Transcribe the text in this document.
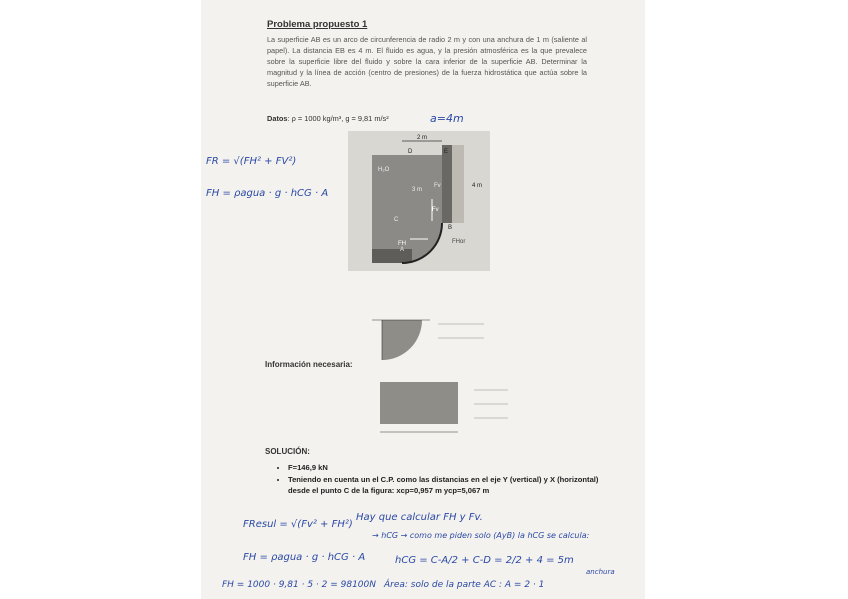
Problema propuesto 1
La superficie AB es un arco de circunferencia de radio 2 m y con una anchura de 1 m (saliente al papel). La distancia EB es 4 m. El fluido es agua, y la presión atmosférica es la que prevalece sobre la superficie libre del fluido y sobre la cara inferior de la superficie AB. Determinar la magnitud y la línea de acción (centro de presiones) de la fuerza hidrostática que actúa sobre la superficie AB.
Datos: ρ = 1000 kg/m³, g = 9,81 m/s²	a=4m
FR = √(FH² + FV²)
FH = ρagua · g · hCG · A
2 m
4 m
3 m
D	E
C
A
B
FH
Fv
H₂O
Fv
FHor
Información necesaria:
SOLUCIÓN:
• F=146,9 kN
• Teniendo en cuenta un el C.P. como las distancias en el eje Y (vertical) y X (horizontal) desde el punto C de la figura: xcp=0,957 m ycp=5,067 m
Hay que calcular FH y Fv.
→ hCG → como me piden solo (AyB) la hCG se calcula:
FResul = √(Fv² + FH²)
FH = ρagua · g · hCG · A	hCG = C-A/2 + C-D = 2/2 + 4 = 5m
FH = 1000 · 9,81 · 5 · 2 = 98100N Área: solo de la parte AC : A = 2 · 1
anchura
